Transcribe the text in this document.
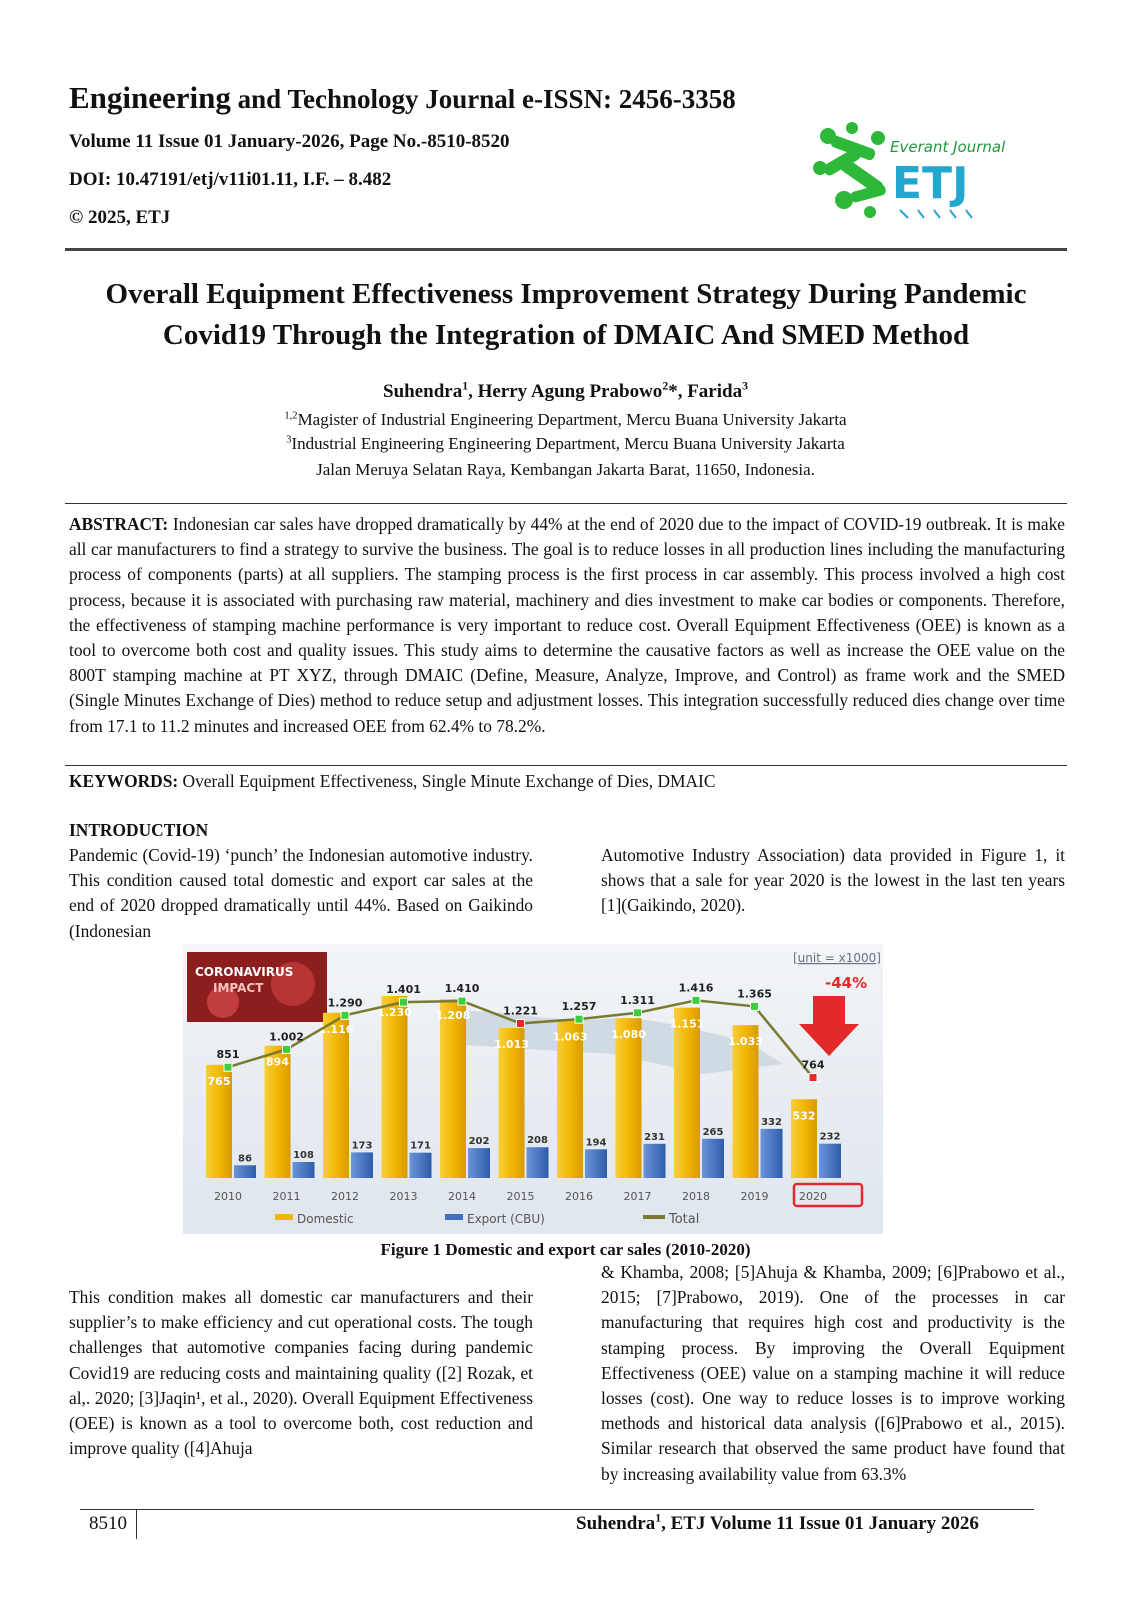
Engineering and Technology Journal e-ISSN: 2456-3358
Volume 11 Issue 01 January-2026, Page No.-8510-8520
DOI: 10.47191/etj/v11i01.11, I.F. – 8.482
© 2025, ETJ
Everant Journal
ETJ
Overall Equipment Effectiveness Improvement Strategy During Pandemic
Covid19 Through the Integration of DMAIC And SMED Method
Suhendra$^1$, Herry Agung Prabowo$^2$*, Farida$^3$
$^{1,2}$Magister of Industrial Engineering Department, Mercu Buana University Jakarta
$^3$Industrial Engineering Engineering Department, Mercu Buana University Jakarta
Jalan Meruya Selatan Raya, Kembangan Jakarta Barat, 11650, Indonesia.
ABSTRACT: Indonesian car sales have dropped dramatically by 44% at the end of 2020 due to the impact of COVID-19 outbreak. It is make all car manufacturers to find a strategy to survive the business. The goal is to reduce losses in all production lines including the manufacturing process of components (parts) at all suppliers. The stamping process is the first process in car assembly. This process involved a high cost process, because it is associated with purchasing raw material, machinery and dies investment to make car bodies or components. Therefore, the effectiveness of stamping machine performance is very important to reduce cost. Overall Equipment Effectiveness (OEE) is known as a tool to overcome both cost and quality issues. This study aims to determine the causative factors as well as increase the OEE value on the 800T stamping machine at PT XYZ, through DMAIC (Define, Measure, Analyze, Improve, and Control) as frame work and the SMED (Single Minutes Exchange of Dies) method to reduce setup and adjustment losses. This integration successfully reduced dies change over time from 17.1 to 11.2 minutes and increased OEE from 62.4% to 78.2%.
KEYWORDS: Overall Equipment Effectiveness, Single Minute Exchange of Dies, DMAIC
INTRODUCTION
Pandemic (Covid-19) ‘punch’ the Indonesian automotive industry. This condition caused total domestic and export car sales at the end of 2020 dropped dramatically until 44%. Based on Gaikindo (Indonesian
Automotive Industry Association) data provided in Figure 1, it shows that a sale for year 2020 is the lowest in the last ten years [1](Gaikindo, 2020).
CORONAVIRUS
IMPACT
[unit = x1000]
-44%
765
86
894
108
1.116
173
1.230
171
1.208
202
1.013
208
1.063
194
1.080
231
1.151
265
1.033
332
532
232
851
1.002
1.290
1.401 1.410
1.221 1.257 1.311
1.416 1.365
764
2010	2011	2012	2013	2014	2015	2016	2017	2018	2019	2020
Domestic	Export (CBU)	Total
Figure 1 Domestic and export car sales (2010-2020)
This condition makes all domestic car manufacturers and their supplier’s to make efficiency and cut operational costs. The tough challenges that automotive companies facing during pandemic Covid19 are reducing costs and maintaining quality ([2] Rozak, et al,. 2020; [3]Jaqin¹, et al., 2020). Overall Equipment Effectiveness (OEE) is known as a tool to overcome both, cost reduction and improve quality ([4]Ahuja
& Khamba, 2008; [5]Ahuja & Khamba, 2009; [6]Prabowo et al., 2015; [7]Prabowo, 2019). One of the processes in car manufacturing that requires high cost and productivity is the stamping process. By improving the Overall Equipment Effectiveness (OEE) value on a stamping machine it will reduce losses (cost). One way to reduce losses is to improve working methods and historical data analysis ([6]Prabowo et al., 2015). Similar research that observed the same product have found that by increasing availability value from 63.3%
8510	Suhendra$^1$, ETJ Volume 11 Issue 01 January 2026
